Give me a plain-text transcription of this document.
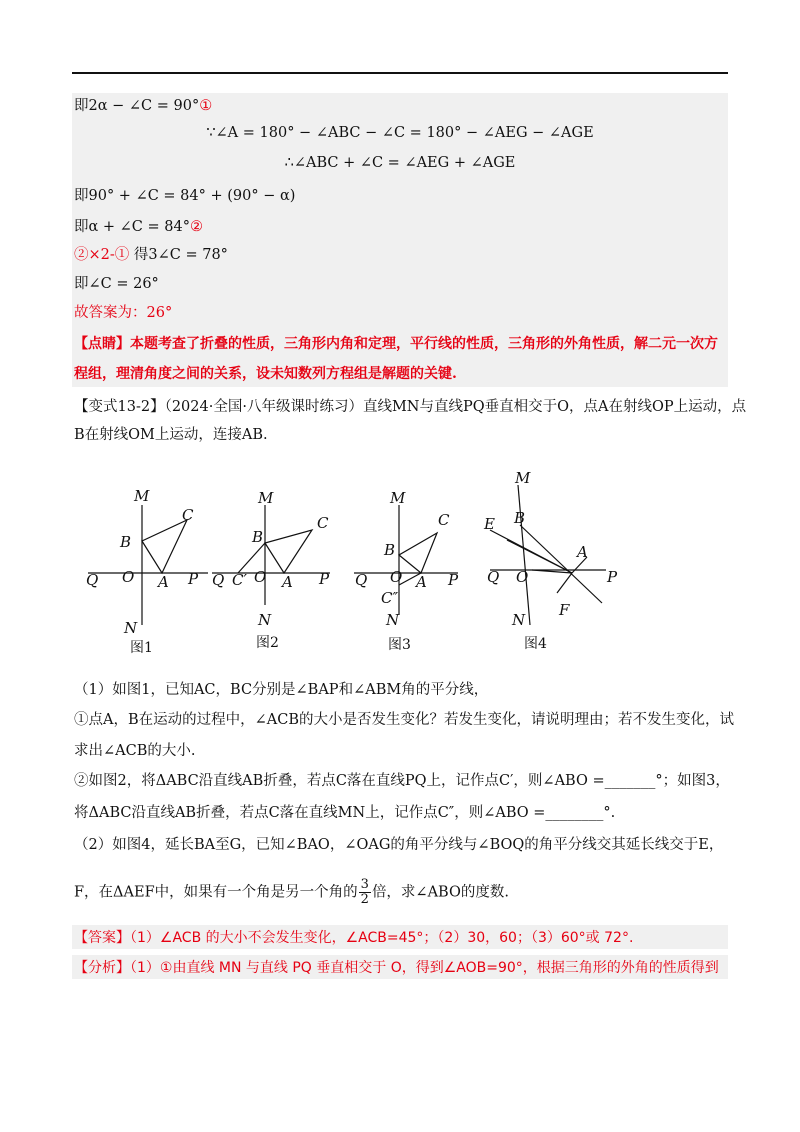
即2α − ∠C = 90°①
∵∠A = 180° − ∠ABC − ∠C = 180° − ∠AEG − ∠AGE
∴∠ABC + ∠C = ∠AEG + ∠AGE
即90° + ∠C = 84° + (90° − α)
即α + ∠C = 84°②
②×2-① 得3∠C = 78°
即∠C = 26°
故答案为：26°
【点睛】本题考查了折叠的性质，三角形内角和定理，平行线的性质，三角形的外角性质，解二元一次方
程组，理清角度之间的关系，设未知数列方程组是解题的关键.
【变式13-2】（2024·全国·八年级课时练习）直线MN与直线PQ垂直相交于O，点A在射线OP上运动，点
B在射线OM上运动，连接AB.
M
C
B
Q O A P
N
M
C
B
Q C′ O A P
N
M
C
B
Q O A P
C″
N
M
B
E
A
Q O	P
F
N
图1	图2	图3	图4
（1）如图1，已知AC，BC分别是∠BAP和∠ABM角的平分线，
①点A，B在运动的过程中，∠ACB的大小是否发生变化？若发生变化，请说明理由；若不发生变化，试
求出∠ACB的大小.
②如图2，将ΔABC沿直线AB折叠，若点C落在直线PQ上，记作点C′，则∠ABO =_______°；如图3，
将ΔABC沿直线AB折叠，若点C落在直线MN上，记作点C″，则∠ABO =________°.
（2）如图4，延长BA至G，已知∠BAO，∠OAG的角平分线与∠BOQ的角平分线交其延长线交于E，
F，在ΔAEF中，如果有一个角是另一个角的 $\frac{3}{2}$ 倍，求∠ABO的度数.
【答案】（1）∠ACB 的大小不会发生变化，∠ACB=45°；（2）30，60；（3）60°或 72°.
【分析】（1）①由直线 MN 与直线 PQ 垂直相交于 O，得到∠AOB=90°，根据三角形的外角的性质得到
